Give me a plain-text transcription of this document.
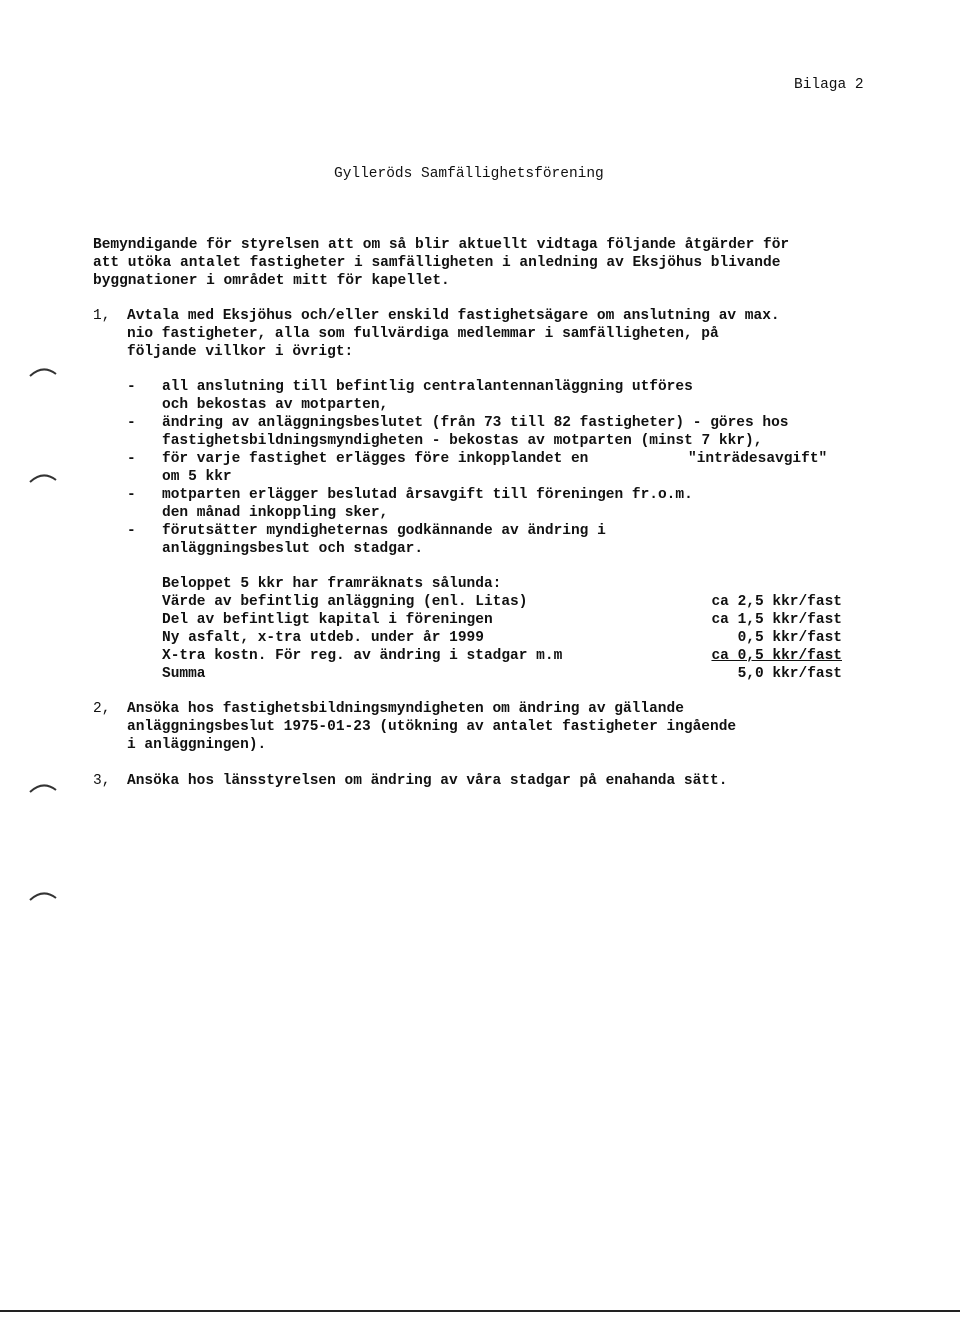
Bilaga 2
Gylleröds Samfällighetsförening
Bemyndigande för styrelsen att om så blir aktuellt vidtaga följande åtgärder för
att utöka antalet fastigheter i samfälligheten i anledning av Eksjöhus blivande
byggnationer i området mitt för kapellet.
1, Avtala med Eksjöhus och/eller enskild fastighetsägare om anslutning av max.
nio fastigheter, alla som fullvärdiga medlemmar i samfälligheten, på
följande villkor i övrigt:
- all anslutning till befintlig centralantennanläggning utföres
och bekostas av motparten,
- ändring av anläggningsbeslutet (från 73 till 82 fastigheter) - göres hos
fastighetsbildningsmyndigheten - bekostas av motparten (minst 7 kkr),
- för varje fastighet erlägges före inkopplandet en	"inträdesavgift"
om 5 kkr
- motparten erlägger beslutad årsavgift till föreningen fr.o.m.
den månad inkoppling sker,
- förutsätter myndigheternas godkännande av ändring i
anläggningsbeslut och stadgar.
Beloppet 5 kkr har framräknats sålunda:
Värde av befintlig anläggning (enl. Litas)	ca 2,5 kkr/fast
Del av befintligt kapital i föreningen	ca 1,5 kkr/fast
Ny asfalt, x-tra utdeb. under år 1999	0,5 kkr/fast
X-tra kostn. För reg. av ändring i stadgar m.m	ca 0,5 kkr/fast
Summa	5,0 kkr/fast
2, Ansöka hos fastighetsbildningsmyndigheten om ändring av gällande
anläggningsbeslut 1975-01-23 (utökning av antalet fastigheter ingående
i anläggningen).
3, Ansöka hos länsstyrelsen om ändring av våra stadgar på enahanda sätt.
